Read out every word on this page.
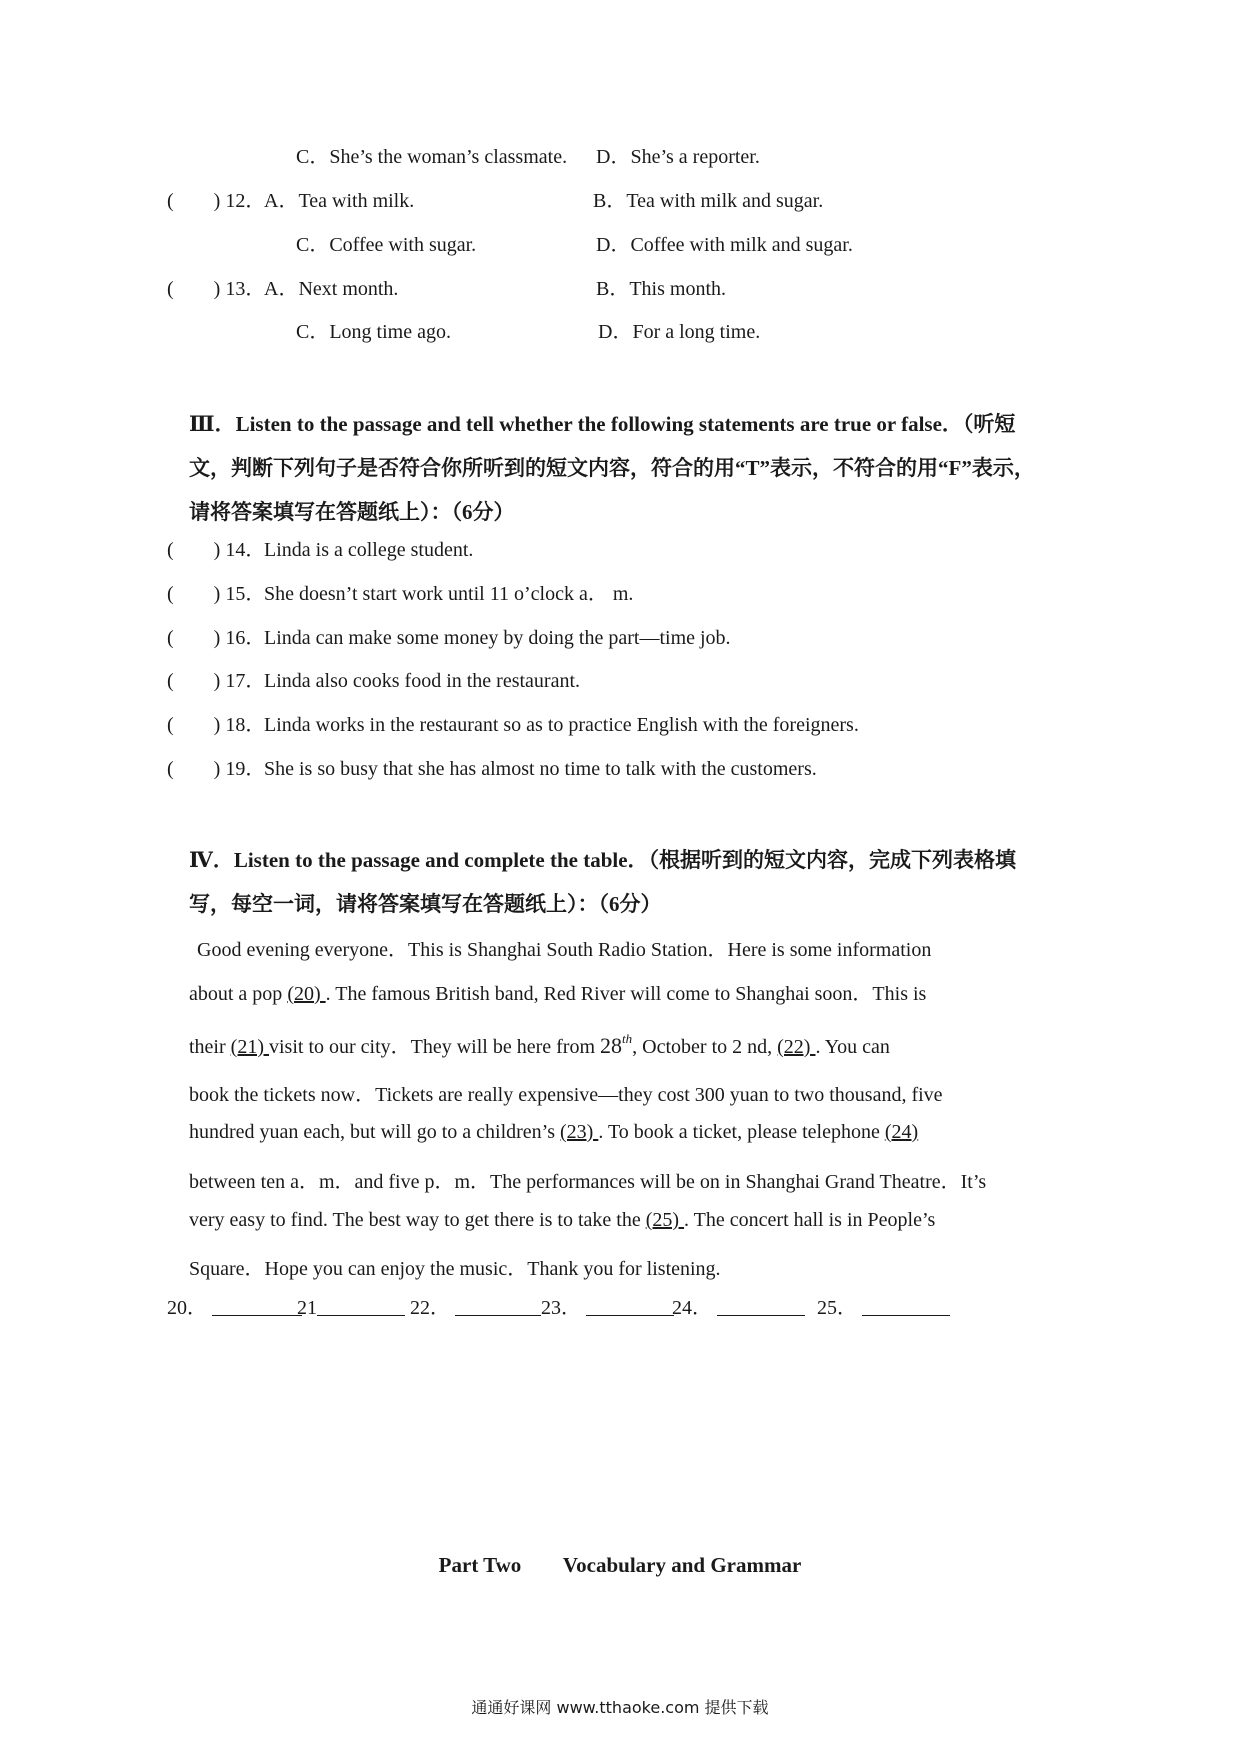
C．She’s the woman’s classmate. D．She’s a reporter.
(　　) 12．
A．Tea with milk.	B．Tea with milk and sugar.
C．Coffee with sugar.	D．Coffee with milk and sugar.
(　　) 13．
A．Next month.	B．This month.
C．Long time ago.	D．For a long time.
Ⅲ．Listen to the passage and tell whether the following statements are true or false．（听短
文，判断下列句子是否符合你所听到的短文内容，符合的用“T”表示，不符合的用“F”表示，
请将答案填写在答题纸上）：（6分）
(　　) 14．
Linda is a college student.
(　　) 15．
She doesn’t start work until 11 o’clock a． m.
(　　) 16．
Linda can make some money by doing the part—time job.
(　　) 17．
Linda also cooks food in the restaurant.
(　　) 18．
Linda works in the restaurant so as to practice English with the foreigners.
(　　) 19．
She is so busy that she has almost no time to talk with the customers.
Ⅳ．Listen to the passage and complete the table．（根据听到的短文内容，完成下列表格填
写，每空一词，请将答案填写在答题纸上）：（6分）
Good evening everyone．This is Shanghai South Radio Station．Here is some information
about a pop (20) . The famous British band, Red River will come to Shanghai soon．This is
their (21) visit to our city．They will be here from 28th, October to 2 nd, (22) . You can
book the tickets now．Tickets are really expensive—they cost 300 yuan to two thousand, five
hundred yuan each, but will go to a children’s (23) . To book a ticket, please telephone (24)
between ten a．m．and five p．m．The performances will be on in Shanghai Grand Theatre．It’s
very easy to find. The best way to get there is to take the (25) . The concert hall is in People’s
Square．Hope you can enjoy the music．Thank you for listening.
20．	21	22．	23．	24．	25．
Part Two        Vocabulary and Grammar
通通好课网 www.tthaoke.com 提供下载
